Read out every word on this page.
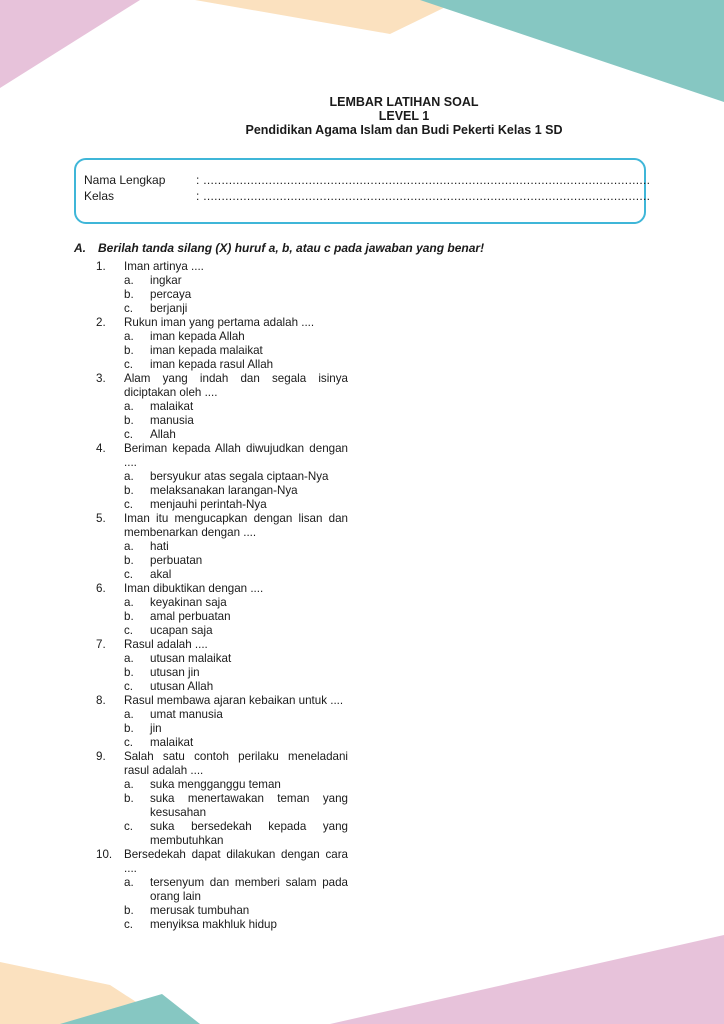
LEMBAR LATIHAN SOAL
LEVEL 1
Pendidikan Agama Islam dan Budi Pekerti Kelas 1 SD
Nama Lengkap	: ...........................................................................................................................
Kelas	: ...........................................................................................................................
A. Berilah tanda silang (X) huruf a, b, atau c pada jawaban yang benar!
1.	Iman artinya ....
a. ingkar
b. percaya
c. berjanji
2.	Rukun iman yang pertama adalah ....
a. iman kepada Allah
b. iman kepada malaikat
c. iman kepada rasul Allah
3.	Alam yang indah dan segala isinya diciptakan oleh ....
a. malaikat
b. manusia
c. Allah
4.	Beriman kepada Allah diwujudkan dengan ....
a. bersyukur atas segala ciptaan-Nya
b. melaksanakan larangan-Nya
c. menjauhi perintah-Nya
5.	Iman itu mengucapkan dengan lisan dan membenarkan dengan ....
a. hati
b. perbuatan
c. akal
6.	Iman dibuktikan dengan ....
a. keyakinan saja
b. amal perbuatan
c. ucapan saja
7.	Rasul adalah ....
a. utusan malaikat
b. utusan jin
c. utusan Allah
8.	Rasul membawa ajaran kebaikan untuk ....
a. umat manusia
b. jin
c. malaikat
9.	Salah satu contoh perilaku meneladani rasul adalah ....
a. suka mengganggu teman
b. suka menertawakan teman yang kesusahan
c. suka bersedekah kepada yang membutuhkan
10.	Bersedekah dapat dilakukan dengan cara ....
a. tersenyum dan memberi salam pada orang lain
b. merusak tumbuhan
c. menyiksa makhluk hidup
